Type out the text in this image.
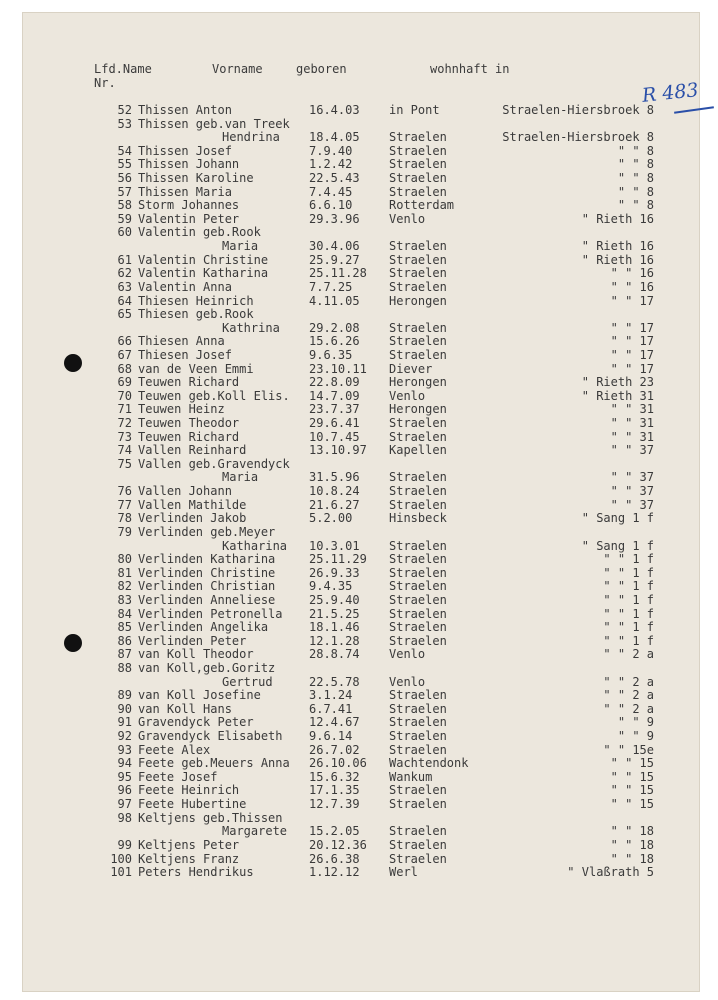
Lfd.Name Nr.
Vorname	geboren	wohnhaft in
R 483
52 Thissen Anton	16.4.03 in Pont	Straelen-Hiersbroek 8
53 Thissen geb.van Treek
Hendrina 18.4.05 Straelen	Straelen-Hiersbroek 8
54 Thissen Josef	7.9.40	Straelen	" " 8
55 Thissen Johann	1.2.42	Straelen	" " 8
56 Thissen Karoline	22.5.43 Straelen	" " 8
57 Thissen Maria	7.4.45	Straelen	" " 8
58 Storm Johannes	6.6.10	Rotterdam	" " 8
59 Valentin Peter	29.3.96 Venlo	" Rieth 16
60 Valentin geb.Rook
Maria	30.4.06 Straelen	" Rieth 16
61 Valentin Christine	25.9.27 Straelen	" Rieth 16
62 Valentin Katharina	25.11.28 Straelen	" " 16
63 Valentin Anna	7.7.25	Straelen	" " 16
64 Thiesen Heinrich	4.11.05 Herongen	" " 17
65 Thiesen geb.Rook
Kathrina 29.2.08 Straelen	" " 17
66 Thiesen Anna	15.6.26 Straelen	" " 17
67 Thiesen Josef	9.6.35	Straelen	" " 17
68 van de Veen Emmi	23.10.11 Diever	" " 17
69 Teuwen Richard	22.8.09 Herongen	" Rieth 23
70 Teuwen geb.Koll Elis. 14.7.09 Venlo	" Rieth 31
71 Teuwen Heinz	23.7.37 Herongen	" " 31
72 Teuwen Theodor	29.6.41 Straelen	" " 31
73 Teuwen Richard	10.7.45 Straelen	" " 31
74 Vallen Reinhard	13.10.97 Kapellen	" " 37
75 Vallen geb.Gravendyck
Maria	31.5.96 Straelen	" " 37
76 Vallen Johann	10.8.24 Straelen	" " 37
77 Vallen Mathilde	21.6.27 Straelen	" " 37
78 Verlinden Jakob	5.2.00	Hinsbeck	" Sang 1 f
79 Verlinden geb.Meyer
Katharina 10.3.01 Straelen	" Sang 1 f
80 Verlinden Katharina	25.11.29 Straelen	" " 1 f
81 Verlinden Christine	26.9.33 Straelen	" " 1 f
82 Verlinden Christian	9.4.35	Straelen	" " 1 f
83 Verlinden Anneliese	25.9.40 Straelen	" " 1 f
84 Verlinden Petronella 21.5.25 Straelen	" " 1 f
85 Verlinden Angelika	18.1.46 Straelen	" " 1 f
86 Verlinden Peter	12.1.28 Straelen	" " 1 f
87 van Koll Theodor	28.8.74 Venlo	" " 2 a
88 van Koll,geb.Goritz
Gertrud	22.5.78 Venlo	" " 2 a
89 van Koll Josefine	3.1.24	Straelen	" " 2 a
90 van Koll Hans	6.7.41	Straelen	" " 2 a
91 Gravendyck Peter	12.4.67 Straelen	" " 9
92 Gravendyck Elisabeth 9.6.14	Straelen	" " 9
93 Feete Alex	26.7.02 Straelen	" " 15e
94 Feete geb.Meuers Anna 26.10.06 Wachtendonk	" " 15
95 Feete Josef	15.6.32 Wankum	" " 15
96 Feete Heinrich	17.1.35 Straelen	" " 15
97 Feete Hubertine	12.7.39 Straelen	" " 15
98 Keltjens geb.Thissen
Margarete 15.2.05 Straelen	" " 18
99 Keltjens Peter	20.12.36 Straelen	" " 18
100 Keltjens Franz	26.6.38 Straelen	" " 18
101 Peters Hendrikus	1.12.12 Werl	" Vlaßrath 5
